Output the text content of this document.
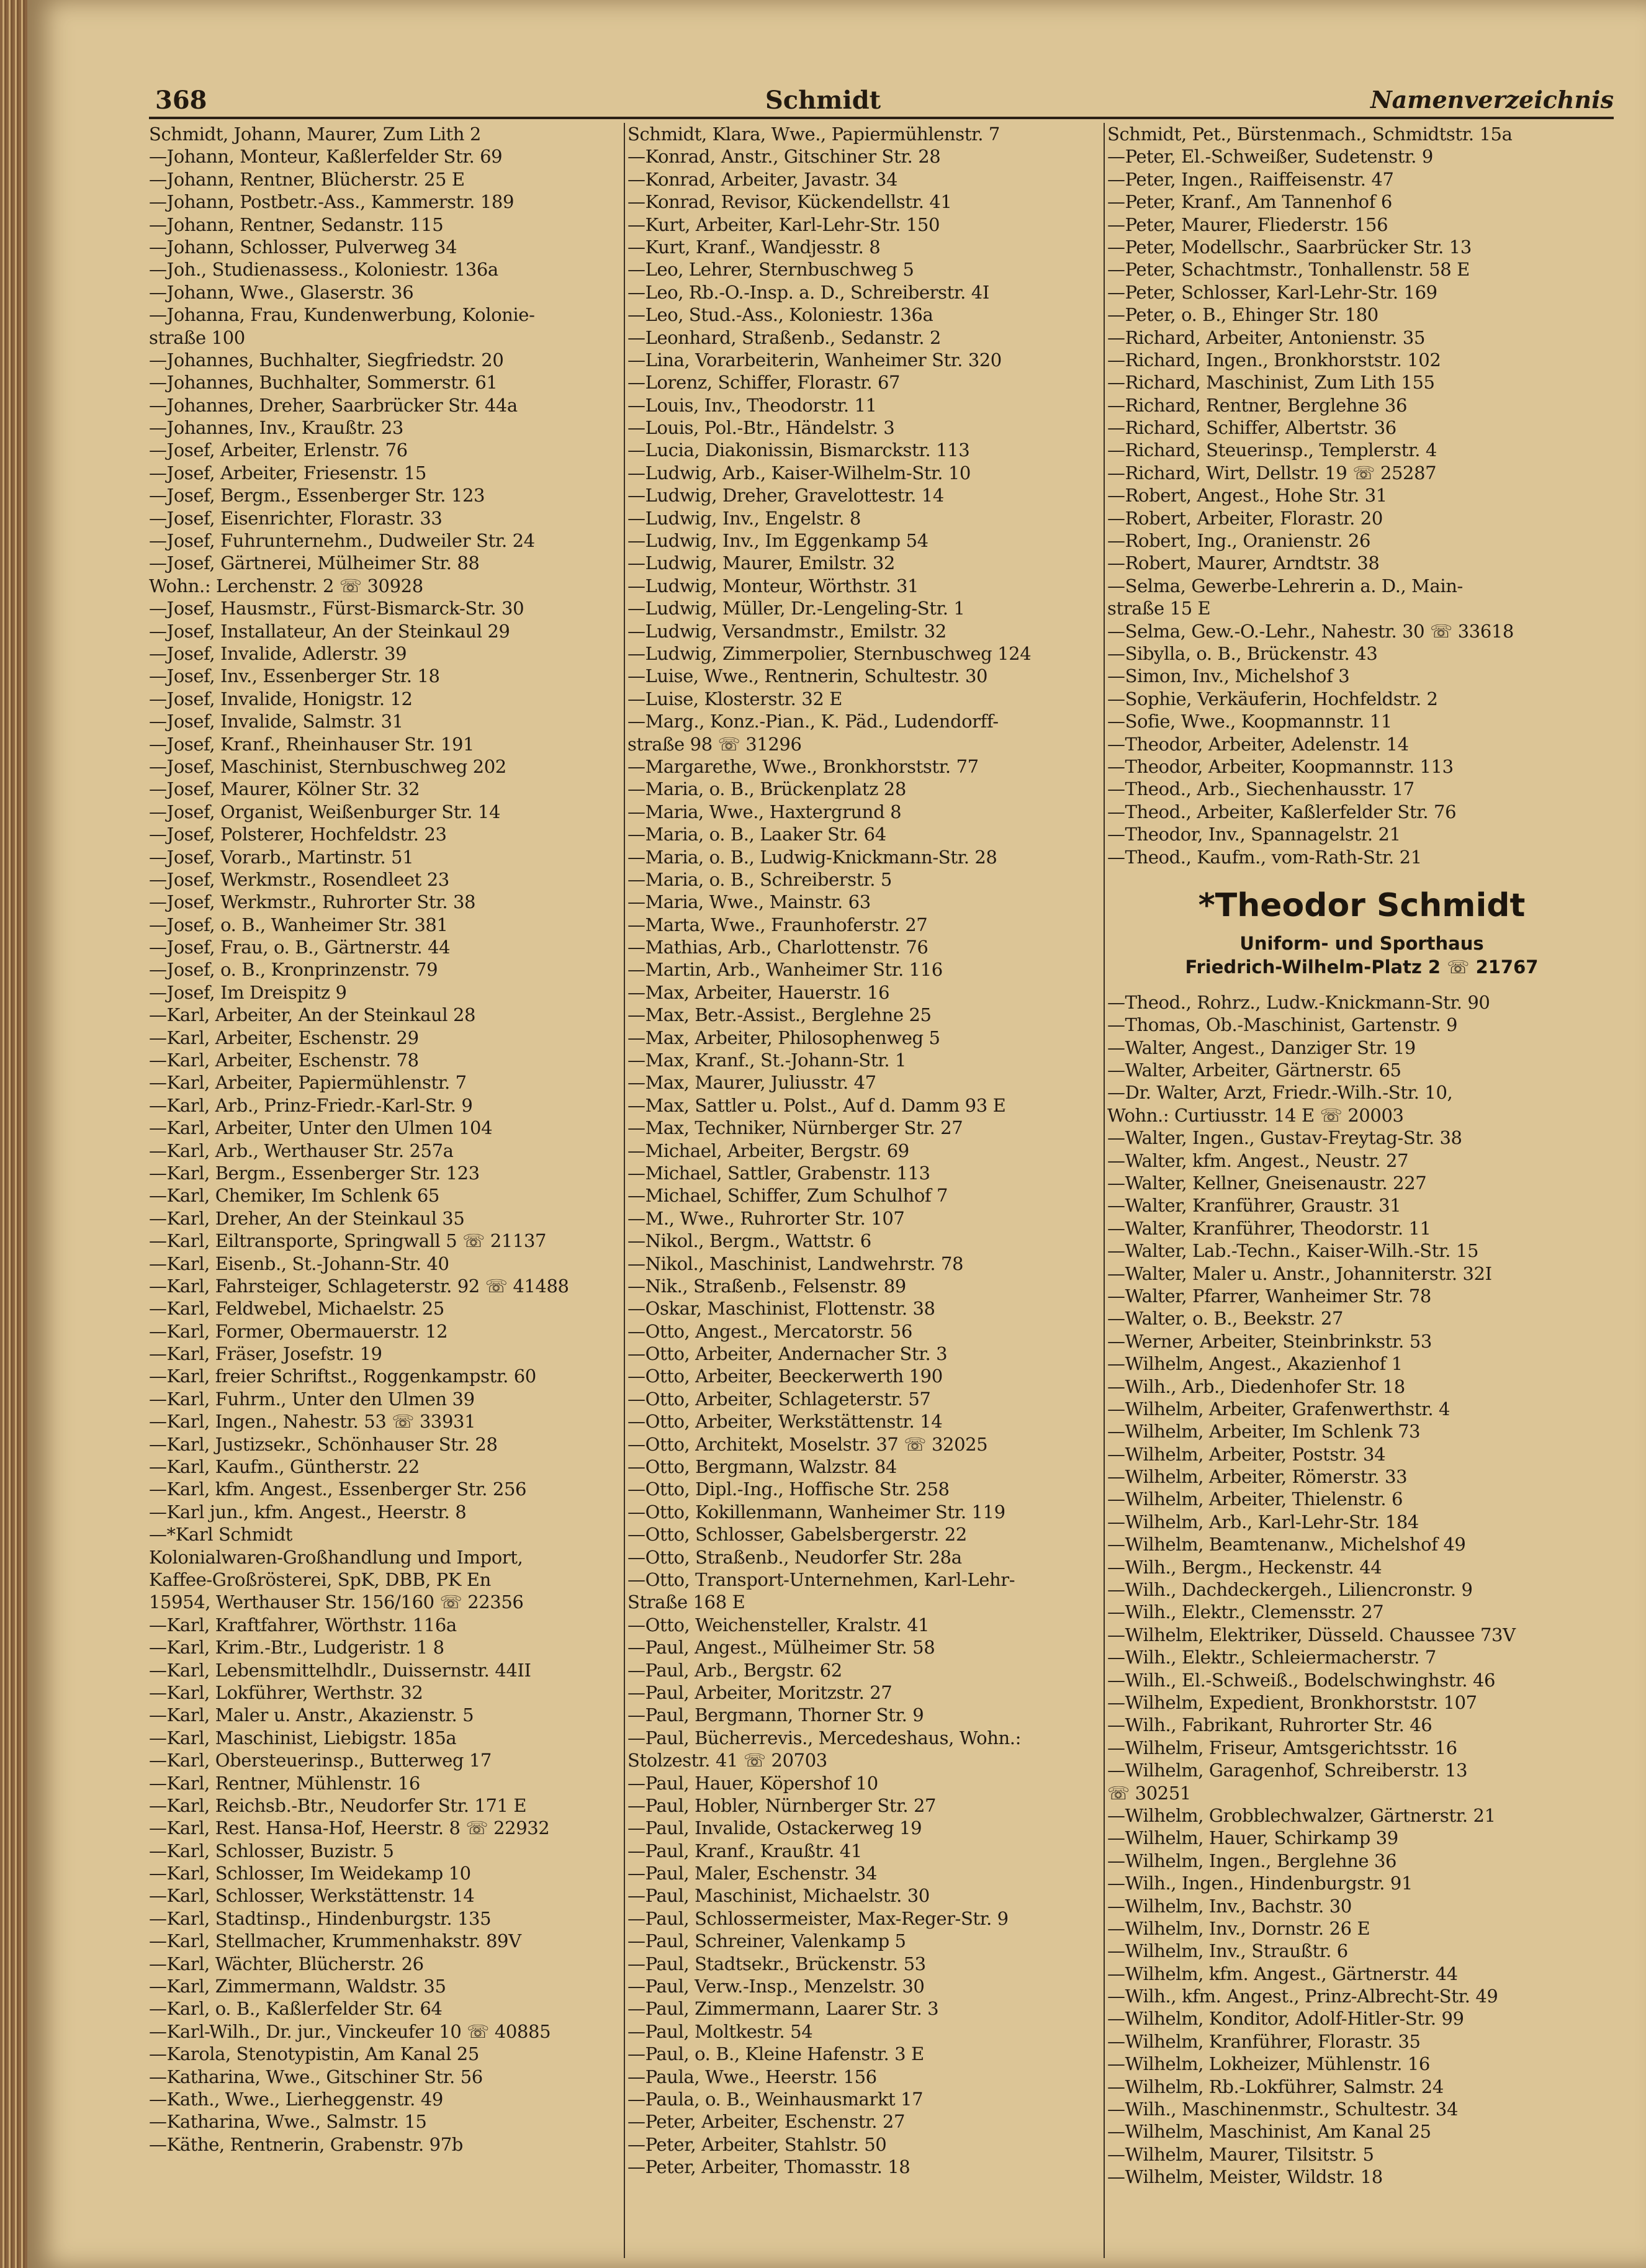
368	Schmidt	Namenverzeichnis
Schmidt, Johann, Maurer, Zum Lith 2
—Johann, Monteur, Kaßlerfelder Str. 69
—Johann, Rentner, Blücherstr. 25 E
—Johann, Postbetr.-Ass., Kammerstr. 189
—Johann, Rentner, Sedanstr. 115
—Johann, Schlosser, Pulverweg 34
—Joh., Studienassess., Koloniestr. 136a
—Johann, Wwe., Glaserstr. 36
—Johanna, Frau, Kundenwerbung, Kolonie-
straße 100
—Johannes, Buchhalter, Siegfriedstr. 20
—Johannes, Buchhalter, Sommerstr. 61
—Johannes, Dreher, Saarbrücker Str. 44a
—Johannes, Inv., Kraußtr. 23
—Josef, Arbeiter, Erlenstr. 76
—Josef, Arbeiter, Friesenstr. 15
—Josef, Bergm., Essenberger Str. 123
—Josef, Eisenrichter, Florastr. 33
—Josef, Fuhrunternehm., Dudweiler Str. 24
—Josef, Gärtnerei, Mülheimer Str. 88
Wohn.: Lerchenstr. 2 ☏ 30928
—Josef, Hausmstr., Fürst-Bismarck-Str. 30
—Josef, Installateur, An der Steinkaul 29
—Josef, Invalide, Adlerstr. 39
—Josef, Inv., Essenberger Str. 18
—Josef, Invalide, Honigstr. 12
—Josef, Invalide, Salmstr. 31
—Josef, Kranf., Rheinhauser Str. 191
—Josef, Maschinist, Sternbuschweg 202
—Josef, Maurer, Kölner Str. 32
—Josef, Organist, Weißenburger Str. 14
—Josef, Polsterer, Hochfeldstr. 23
—Josef, Vorarb., Martinstr. 51
—Josef, Werkmstr., Rosendleet 23
—Josef, Werkmstr., Ruhrorter Str. 38
—Josef, o. B., Wanheimer Str. 381
—Josef, Frau, o. B., Gärtnerstr. 44
—Josef, o. B., Kronprinzenstr. 79
—Josef, Im Dreispitz 9
—Karl, Arbeiter, An der Steinkaul 28
—Karl, Arbeiter, Eschenstr. 29
—Karl, Arbeiter, Eschenstr. 78
—Karl, Arbeiter, Papiermühlenstr. 7
—Karl, Arb., Prinz-Friedr.-Karl-Str. 9
—Karl, Arbeiter, Unter den Ulmen 104
—Karl, Arb., Werthauser Str. 257a
—Karl, Bergm., Essenberger Str. 123
—Karl, Chemiker, Im Schlenk 65
—Karl, Dreher, An der Steinkaul 35
—Karl, Eiltransporte, Springwall 5 ☏ 21137
—Karl, Eisenb., St.-Johann-Str. 40
—Karl, Fahrsteiger, Schlageterstr. 92 ☏ 41488
—Karl, Feldwebel, Michaelstr. 25
—Karl, Former, Obermauerstr. 12
—Karl, Fräser, Josefstr. 19
—Karl, freier Schriftst., Roggenkampstr. 60
—Karl, Fuhrm., Unter den Ulmen 39
—Karl, Ingen., Nahestr. 53 ☏ 33931
—Karl, Justizsekr., Schönhauser Str. 28
—Karl, Kaufm., Güntherstr. 22
—Karl, kfm. Angest., Essenberger Str. 256
—Karl jun., kfm. Angest., Heerstr. 8
—*Karl Schmidt
Kolonialwaren-Großhandlung und Import,
Kaffee-Großrösterei, SpK, DBB, PK En
15954, Werthauser Str. 156/160 ☏ 22356
—Karl, Kraftfahrer, Wörthstr. 116a
—Karl, Krim.-Btr., Ludgeristr. 1 8
—Karl, Lebensmittelhdlr., Duissernstr. 44II
—Karl, Lokführer, Werthstr. 32
—Karl, Maler u. Anstr., Akazienstr. 5
—Karl, Maschinist, Liebigstr. 185a
—Karl, Obersteuerinsp., Butterweg 17
—Karl, Rentner, Mühlenstr. 16
—Karl, Reichsb.-Btr., Neudorfer Str. 171 E
—Karl, Rest. Hansa-Hof, Heerstr. 8 ☏ 22932
—Karl, Schlosser, Buzistr. 5
—Karl, Schlosser, Im Weidekamp 10
—Karl, Schlosser, Werkstättenstr. 14
—Karl, Stadtinsp., Hindenburgstr. 135
—Karl, Stellmacher, Krummenhakstr. 89V
—Karl, Wächter, Blücherstr. 26
—Karl, Zimmermann, Waldstr. 35
—Karl, o. B., Kaßlerfelder Str. 64
—Karl-Wilh., Dr. jur., Vinckeufer 10 ☏ 40885
—Karola, Stenotypistin, Am Kanal 25
—Katharina, Wwe., Gitschiner Str. 56
—Kath., Wwe., Lierheggenstr. 49
—Katharina, Wwe., Salmstr. 15
—Käthe, Rentnerin, Grabenstr. 97b
Schmidt, Klara, Wwe., Papiermühlenstr. 7
—Konrad, Anstr., Gitschiner Str. 28
—Konrad, Arbeiter, Javastr. 34
—Konrad, Revisor, Kückendellstr. 41
—Kurt, Arbeiter, Karl-Lehr-Str. 150
—Kurt, Kranf., Wandjesstr. 8
—Leo, Lehrer, Sternbuschweg 5
—Leo, Rb.-O.-Insp. a. D., Schreiberstr. 4I
—Leo, Stud.-Ass., Koloniestr. 136a
—Leonhard, Straßenb., Sedanstr. 2
—Lina, Vorarbeiterin, Wanheimer Str. 320
—Lorenz, Schiffer, Florastr. 67
—Louis, Inv., Theodorstr. 11
—Louis, Pol.-Btr., Händelstr. 3
—Lucia, Diakonissin, Bismarckstr. 113
—Ludwig, Arb., Kaiser-Wilhelm-Str. 10
—Ludwig, Dreher, Gravelottestr. 14
—Ludwig, Inv., Engelstr. 8
—Ludwig, Inv., Im Eggenkamp 54
—Ludwig, Maurer, Emilstr. 32
—Ludwig, Monteur, Wörthstr. 31
—Ludwig, Müller, Dr.-Lengeling-Str. 1
—Ludwig, Versandmstr., Emilstr. 32
—Ludwig, Zimmerpolier, Sternbuschweg 124
—Luise, Wwe., Rentnerin, Schultestr. 30
—Luise, Klosterstr. 32 E
—Marg., Konz.-Pian., K. Päd., Ludendorff-
straße 98 ☏ 31296
—Margarethe, Wwe., Bronkhorststr. 77
—Maria, o. B., Brückenplatz 28
—Maria, Wwe., Haxtergrund 8
—Maria, o. B., Laaker Str. 64
—Maria, o. B., Ludwig-Knickmann-Str. 28
—Maria, o. B., Schreiberstr. 5
—Maria, Wwe., Mainstr. 63
—Marta, Wwe., Fraunhoferstr. 27
—Mathias, Arb., Charlottenstr. 76
—Martin, Arb., Wanheimer Str. 116
—Max, Arbeiter, Hauerstr. 16
—Max, Betr.-Assist., Berglehne 25
—Max, Arbeiter, Philosophenweg 5
—Max, Kranf., St.-Johann-Str. 1
—Max, Maurer, Juliusstr. 47
—Max, Sattler u. Polst., Auf d. Damm 93 E
—Max, Techniker, Nürnberger Str. 27
—Michael, Arbeiter, Bergstr. 69
—Michael, Sattler, Grabenstr. 113
—Michael, Schiffer, Zum Schulhof 7
—M., Wwe., Ruhrorter Str. 107
—Nikol., Bergm., Wattstr. 6
—Nikol., Maschinist, Landwehrstr. 78
—Nik., Straßenb., Felsenstr. 89
—Oskar, Maschinist, Flottenstr. 38
—Otto, Angest., Mercatorstr. 56
—Otto, Arbeiter, Andernacher Str. 3
—Otto, Arbeiter, Beeckerwerth 190
—Otto, Arbeiter, Schlageterstr. 57
—Otto, Arbeiter, Werkstättenstr. 14
—Otto, Architekt, Moselstr. 37 ☏ 32025
—Otto, Bergmann, Walzstr. 84
—Otto, Dipl.-Ing., Hoffische Str. 258
—Otto, Kokillenmann, Wanheimer Str. 119
—Otto, Schlosser, Gabelsbergerstr. 22
—Otto, Straßenb., Neudorfer Str. 28a
—Otto, Transport-Unternehmen, Karl-Lehr-
Straße 168 E
—Otto, Weichensteller, Kralstr. 41
—Paul, Angest., Mülheimer Str. 58
—Paul, Arb., Bergstr. 62
—Paul, Arbeiter, Moritzstr. 27
—Paul, Bergmann, Thorner Str. 9
—Paul, Bücherrevis., Mercedeshaus, Wohn.:
Stolzestr. 41 ☏ 20703
—Paul, Hauer, Köpershof 10
—Paul, Hobler, Nürnberger Str. 27
—Paul, Invalide, Ostackerweg 19
—Paul, Kranf., Kraußtr. 41
—Paul, Maler, Eschenstr. 34
—Paul, Maschinist, Michaelstr. 30
—Paul, Schlossermeister, Max-Reger-Str. 9
—Paul, Schreiner, Valenkamp 5
—Paul, Stadtsekr., Brückenstr. 53
—Paul, Verw.-Insp., Menzelstr. 30
—Paul, Zimmermann, Laarer Str. 3
—Paul, Moltkestr. 54
—Paul, o. B., Kleine Hafenstr. 3 E
—Paula, Wwe., Heerstr. 156
—Paula, o. B., Weinhausmarkt 17
—Peter, Arbeiter, Eschenstr. 27
—Peter, Arbeiter, Stahlstr. 50
—Peter, Arbeiter, Thomasstr. 18
Schmidt, Pet., Bürstenmach., Schmidtstr. 15a
—Peter, El.-Schweißer, Sudetenstr. 9
—Peter, Ingen., Raiffeisenstr. 47
—Peter, Kranf., Am Tannenhof 6
—Peter, Maurer, Fliederstr. 156
—Peter, Modellschr., Saarbrücker Str. 13
—Peter, Schachtmstr., Tonhallenstr. 58 E
—Peter, Schlosser, Karl-Lehr-Str. 169
—Peter, o. B., Ehinger Str. 180
—Richard, Arbeiter, Antonienstr. 35
—Richard, Ingen., Bronkhorststr. 102
—Richard, Maschinist, Zum Lith 155
—Richard, Rentner, Berglehne 36
—Richard, Schiffer, Albertstr. 36
—Richard, Steuerinsp., Templerstr. 4
—Richard, Wirt, Dellstr. 19 ☏ 25287
—Robert, Angest., Hohe Str. 31
—Robert, Arbeiter, Florastr. 20
—Robert, Ing., Oranienstr. 26
—Robert, Maurer, Arndtstr. 38
—Selma, Gewerbe-Lehrerin a. D., Main-
straße 15 E
—Selma, Gew.-O.-Lehr., Nahestr. 30 ☏ 33618
—Sibylla, o. B., Brückenstr. 43
—Simon, Inv., Michelshof 3
—Sophie, Verkäuferin, Hochfeldstr. 2
—Sofie, Wwe., Koopmannstr. 11
—Theodor, Arbeiter, Adelenstr. 14
—Theodor, Arbeiter, Koopmannstr. 113
—Theod., Arb., Siechenhausstr. 17
—Theod., Arbeiter, Kaßlerfelder Str. 76
—Theodor, Inv., Spannagelstr. 21
—Theod., Kaufm., vom-Rath-Str. 21
*Theodor Schmidt
Uniform- und Sporthaus
Friedrich-Wilhelm-Platz 2 ☏ 21767
—Theod., Rohrz., Ludw.-Knickmann-Str. 90
—Thomas, Ob.-Maschinist, Gartenstr. 9
—Walter, Angest., Danziger Str. 19
—Walter, Arbeiter, Gärtnerstr. 65
—Dr. Walter, Arzt, Friedr.-Wilh.-Str. 10,
Wohn.: Curtiusstr. 14 E ☏ 20003
—Walter, Ingen., Gustav-Freytag-Str. 38
—Walter, kfm. Angest., Neustr. 27
—Walter, Kellner, Gneisenaustr. 227
—Walter, Kranführer, Graustr. 31
—Walter, Kranführer, Theodorstr. 11
—Walter, Lab.-Techn., Kaiser-Wilh.-Str. 15
—Walter, Maler u. Anstr., Johanniterstr. 32I
—Walter, Pfarrer, Wanheimer Str. 78
—Walter, o. B., Beekstr. 27
—Werner, Arbeiter, Steinbrinkstr. 53
—Wilhelm, Angest., Akazienhof 1
—Wilh., Arb., Diedenhofer Str. 18
—Wilhelm, Arbeiter, Grafenwerthstr. 4
—Wilhelm, Arbeiter, Im Schlenk 73
—Wilhelm, Arbeiter, Poststr. 34
—Wilhelm, Arbeiter, Römerstr. 33
—Wilhelm, Arbeiter, Thielenstr. 6
—Wilhelm, Arb., Karl-Lehr-Str. 184
—Wilhelm, Beamtenanw., Michelshof 49
—Wilh., Bergm., Heckenstr. 44
—Wilh., Dachdeckergeh., Liliencronstr. 9
—Wilh., Elektr., Clemensstr. 27
—Wilhelm, Elektriker, Düsseld. Chaussee 73V
—Wilh., Elektr., Schleiermacherstr. 7
—Wilh., El.-Schweiß., Bodelschwinghstr. 46
—Wilhelm, Expedient, Bronkhorststr. 107
—Wilh., Fabrikant, Ruhrorter Str. 46
—Wilhelm, Friseur, Amtsgerichtsstr. 16
—Wilhelm, Garagenhof, Schreiberstr. 13
☏ 30251
—Wilhelm, Grobblechwalzer, Gärtnerstr. 21
—Wilhelm, Hauer, Schirkamp 39
—Wilhelm, Ingen., Berglehne 36
—Wilh., Ingen., Hindenburgstr. 91
—Wilhelm, Inv., Bachstr. 30
—Wilhelm, Inv., Dornstr. 26 E
—Wilhelm, Inv., Straußtr. 6
—Wilhelm, kfm. Angest., Gärtnerstr. 44
—Wilh., kfm. Angest., Prinz-Albrecht-Str. 49
—Wilhelm, Konditor, Adolf-Hitler-Str. 99
—Wilhelm, Kranführer, Florastr. 35
—Wilhelm, Lokheizer, Mühlenstr. 16
—Wilhelm, Rb.-Lokführer, Salmstr. 24
—Wilh., Maschinenmstr., Schultestr. 34
—Wilhelm, Maschinist, Am Kanal 25
—Wilhelm, Maurer, Tilsitstr. 5
—Wilhelm, Meister, Wildstr. 18
